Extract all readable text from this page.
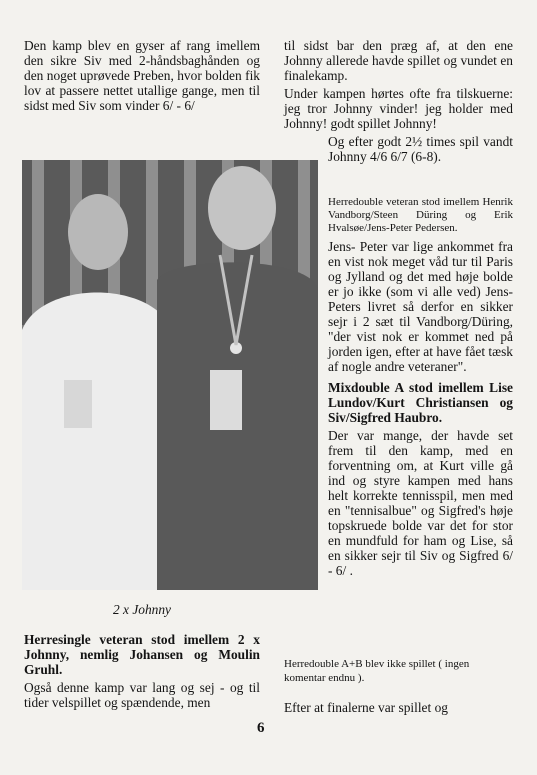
Den kamp blev en gyser af rang imellem den sikre Siv med 2-håndsbaghånden og den noget uprøvede Preben, hvor bolden fik lov at passere nettet utallige gange, men til sidst med Siv som vinder 6/ - 6/

til sidst bar den præg af, at den ene Johnny allerede havde spillet og vundet en finalekamp.

Under kampen hørtes ofte fra tilskuerne: jeg tror Johnny vinder! jeg holder med Johnny! godt spillet Johnny!

Og efter godt 2½ times spil vandt Johnny 4/6 6/7 (6-8).

Herredouble veteran stod imellem Henrik Vandborg/Steen Düring og Erik Hvalsøe/Jens-Peter Pedersen.

Jens- Peter var lige ankommet fra en vist nok meget våd tur til Paris og Jylland og det med høje bolde er jo ikke (som vi alle ved) Jens-Peters livret så derfor en sikker sejr i 2 sæt til Vandborg/Düring, "der vist nok er kommet ned på jorden igen, efter at have fået tæsk af nogle andre veteraner".

Mixdouble A stod imellem Lise Lundov/Kurt Christiansen og Siv/Sigfred Haubro.

Der var mange, der havde set frem til den kamp, med en forventning om, at Kurt ville gå ind og styre kampen med hans helt korrekte tennisspil, men med en "tennisalbue" og Sigfred's høje topskruede bolde var det for stor en mundfuld for ham og Lise, så en sikker sejr til Siv og Sigfred 6/ - 6/ .

2 x Johnny

Herresingle veteran stod imellem 2 x Johnny, nemlig Johansen og Moulin Gruhl.

Også denne kamp var lang og sej - og til tider velspillet og spændende, men

6
Herredouble A+B blev ikke spillet ( ingen komentar endnu ).
Efter at finalerne var spillet og
